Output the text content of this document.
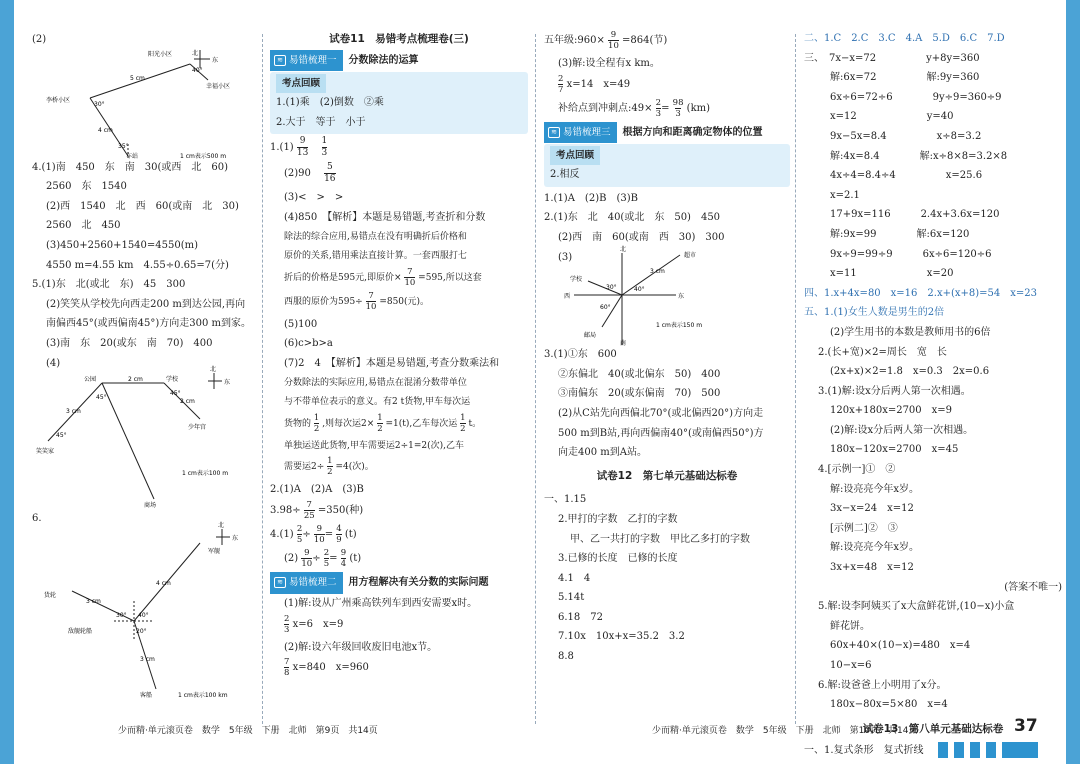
(2)
北
东
阳光小区
幸福小区
李桥小区
车站
40°
30°
35°
5 cm
4 cm
1 cm表示500 m
4.(1)南　450　东　南　30(或西　北　60)
2560　东　1540
(2)西　1540　北　西　60(或南　北　30)
2560　北　450
(3)450+2560+1540=4550(m)
4550 m=4.55 km　4.55÷0.65=7(分)
5.(1)东　北(或北　东)　45　300
(2)笑笑从学校先向西走200 m到达公园,再向
南偏西45°(或西偏南45°)方向走300 m到家。
(3)南　东　20(或东　南　70)　400
(4)
北
东
公园	学校
笑笑家
少年宫
商场
2 cm
2 cm
3 cm
45°
45°
45°
1 cm表示100 m
6.
北
东
军舰
货轮
敌舰轮船
客船
3 cm
4 cm
3 cm
30° 40°
20°
1 cm表示100 km
试卷11　易错考点梳理卷(三)
≋ 易错梳理一 分数除法的运算
考点回顾
1.(1)乘　(2)倒数　②乘
2.大于　等于　小于
$1.(1) \frac{9}{13}$
$\frac{1}{3}$
$(2)90 \frac{5}{16}$
(3)<　>　>
(4)850　【解析】本题是易错题,考查折和分数
除法的综合应用,易错点在没有明确折后价格和
原价的关系,错用乘法直接计算。一套西服打七
折后的价格是595元,即原价× $\frac{7}{10} =595$,所以这套
西服的原价为$595\div \frac{7}{10} =850$(元)。
(5)100
(6)c>b>a
(7)2　4　【解析】本题是易错题,考查分数乘法和
分数除法的实际应用,易错点在混淆分数带单位
与不带单位表示的意义。有2 t货物,甲车每次运
货物的 $\frac{1}{2}$ ,则每次运$2\times \frac{1}{2} =1(t)$,乙车每次运 $\frac{1}{2}$ t。
单独运送此货物,甲车需要运2÷1=2(次),乙车
需要运$2\div \frac{1}{2} =4$(次)。
2.(1)A　(2)A　(3)B
$3.98\div \frac{7}{25} =350$(种)
$4.(1) \frac{2}{5} \div \frac{9}{10} = \frac{4}{9} (t)$
$(2) \frac{9}{10} \div \frac{2}{5} = \frac{9}{4} (t)$
≋ 易错梳理二 用方程解决有关分数的实际问题
(1)解:设从广州乘高铁列车到西安需要x时。
$\frac{2}{3} x=6$　x=9
(2)解:设六年级回收废旧电池x节。
$\frac{7}{8} x=840$　x=960
少而精·单元滚页卷　数学　5年级　下册　北师　第9页　共14页
五年级:960× $\frac{9}{10} =864$(节)
(3)解:设全程有x km。
$\frac{2}{7} x=14$　x=49
补给点到冲刺点:49× $\frac{2}{3} = \frac{98}{3} (km)$
≋ 易错梳理三 根据方向和距离确定物体的位置
考点回顾
2.相反
1.(1)A　(2)B　(3)B
2.(1)东　北　40(或北　东　50)　450
(2)西　南　60(或南　西　30)　300
(3)
北
东
西
南
学校
超市
邮局
3 cm
40°
60°
30°
1 cm表示150 m
3.(1)①东　600
②东偏北　40(或北偏东　50)　400
③南偏东　20(或东偏南　70)　500
(2)从C站先向西偏北70°(或北偏西20°)方向走
500 m到B站,再向西偏南40°(或南偏西50°)方
向走400 m到A站。
试卷12　第七单元基础达标卷
一、1.15
2.甲打的字数　乙打的字数
甲、乙一共打的字数　甲比乙多打的字数
3.已修的长度　已修的长度
4.1　4
5.14t
6.18　72
7.10x　10x+x=35.2　3.2
8.8
少而精·单元滚页卷　数学　5年级　下册　北师　第10页　共14页
二、1.C　2.C　3.C　4.A　5.D　6.C　7.D
三、　7x−x=72　　　　　y+8y=360
解:6x=72　　　　　解:9y=360
6x÷6=72÷6　　　　9y÷9=360÷9
x=12　　　　　　　y=40
9x−5x=8.4　　　　　x÷8=3.2
解:4x=8.4　　　　解:x÷8×8=3.2×8
4x÷4=8.4÷4　　　　　x=25.6
x=2.1
17+9x=116　　　2.4x+3.6x=120
解:9x=99　　　　解:6x=120
9x÷9=99÷9　　　6x÷6=120÷6
x=11　　　　　　　x=20
四、1.x+4x=80　x=16　2.x+(x+8)=54　x=23
五、1.(1)女生人数是男生的2倍
(2)学生用书的本数是教师用书的6倍
2.(长+宽)×2=周长　宽　长
(2x+x)×2=1.8　x=0.3　2x=0.6
3.(1)解:设x分后两人第一次相遇。
120x+180x=2700　x=9
(2)解:设x分后两人第一次相遇。
180x−120x=2700　x=45
4.[示例一]①　②
解:设亮亮今年x岁。
3x−x=24　x=12
[示例二]②　③
解:设亮亮今年x岁。
3x+x=48　x=12
(答案不唯一)
5.解:设李阿姨买了x大盒鲜花饼,(10−x)小盒
鲜花饼。
60x+40×(10−x)=480　x=4
10−x=6
6.解:设爸爸上小明用了x分。
180x−80x=5×80　x=4
试卷13　第八单元基础达标卷
一、1.复式条形　复式折线
37
